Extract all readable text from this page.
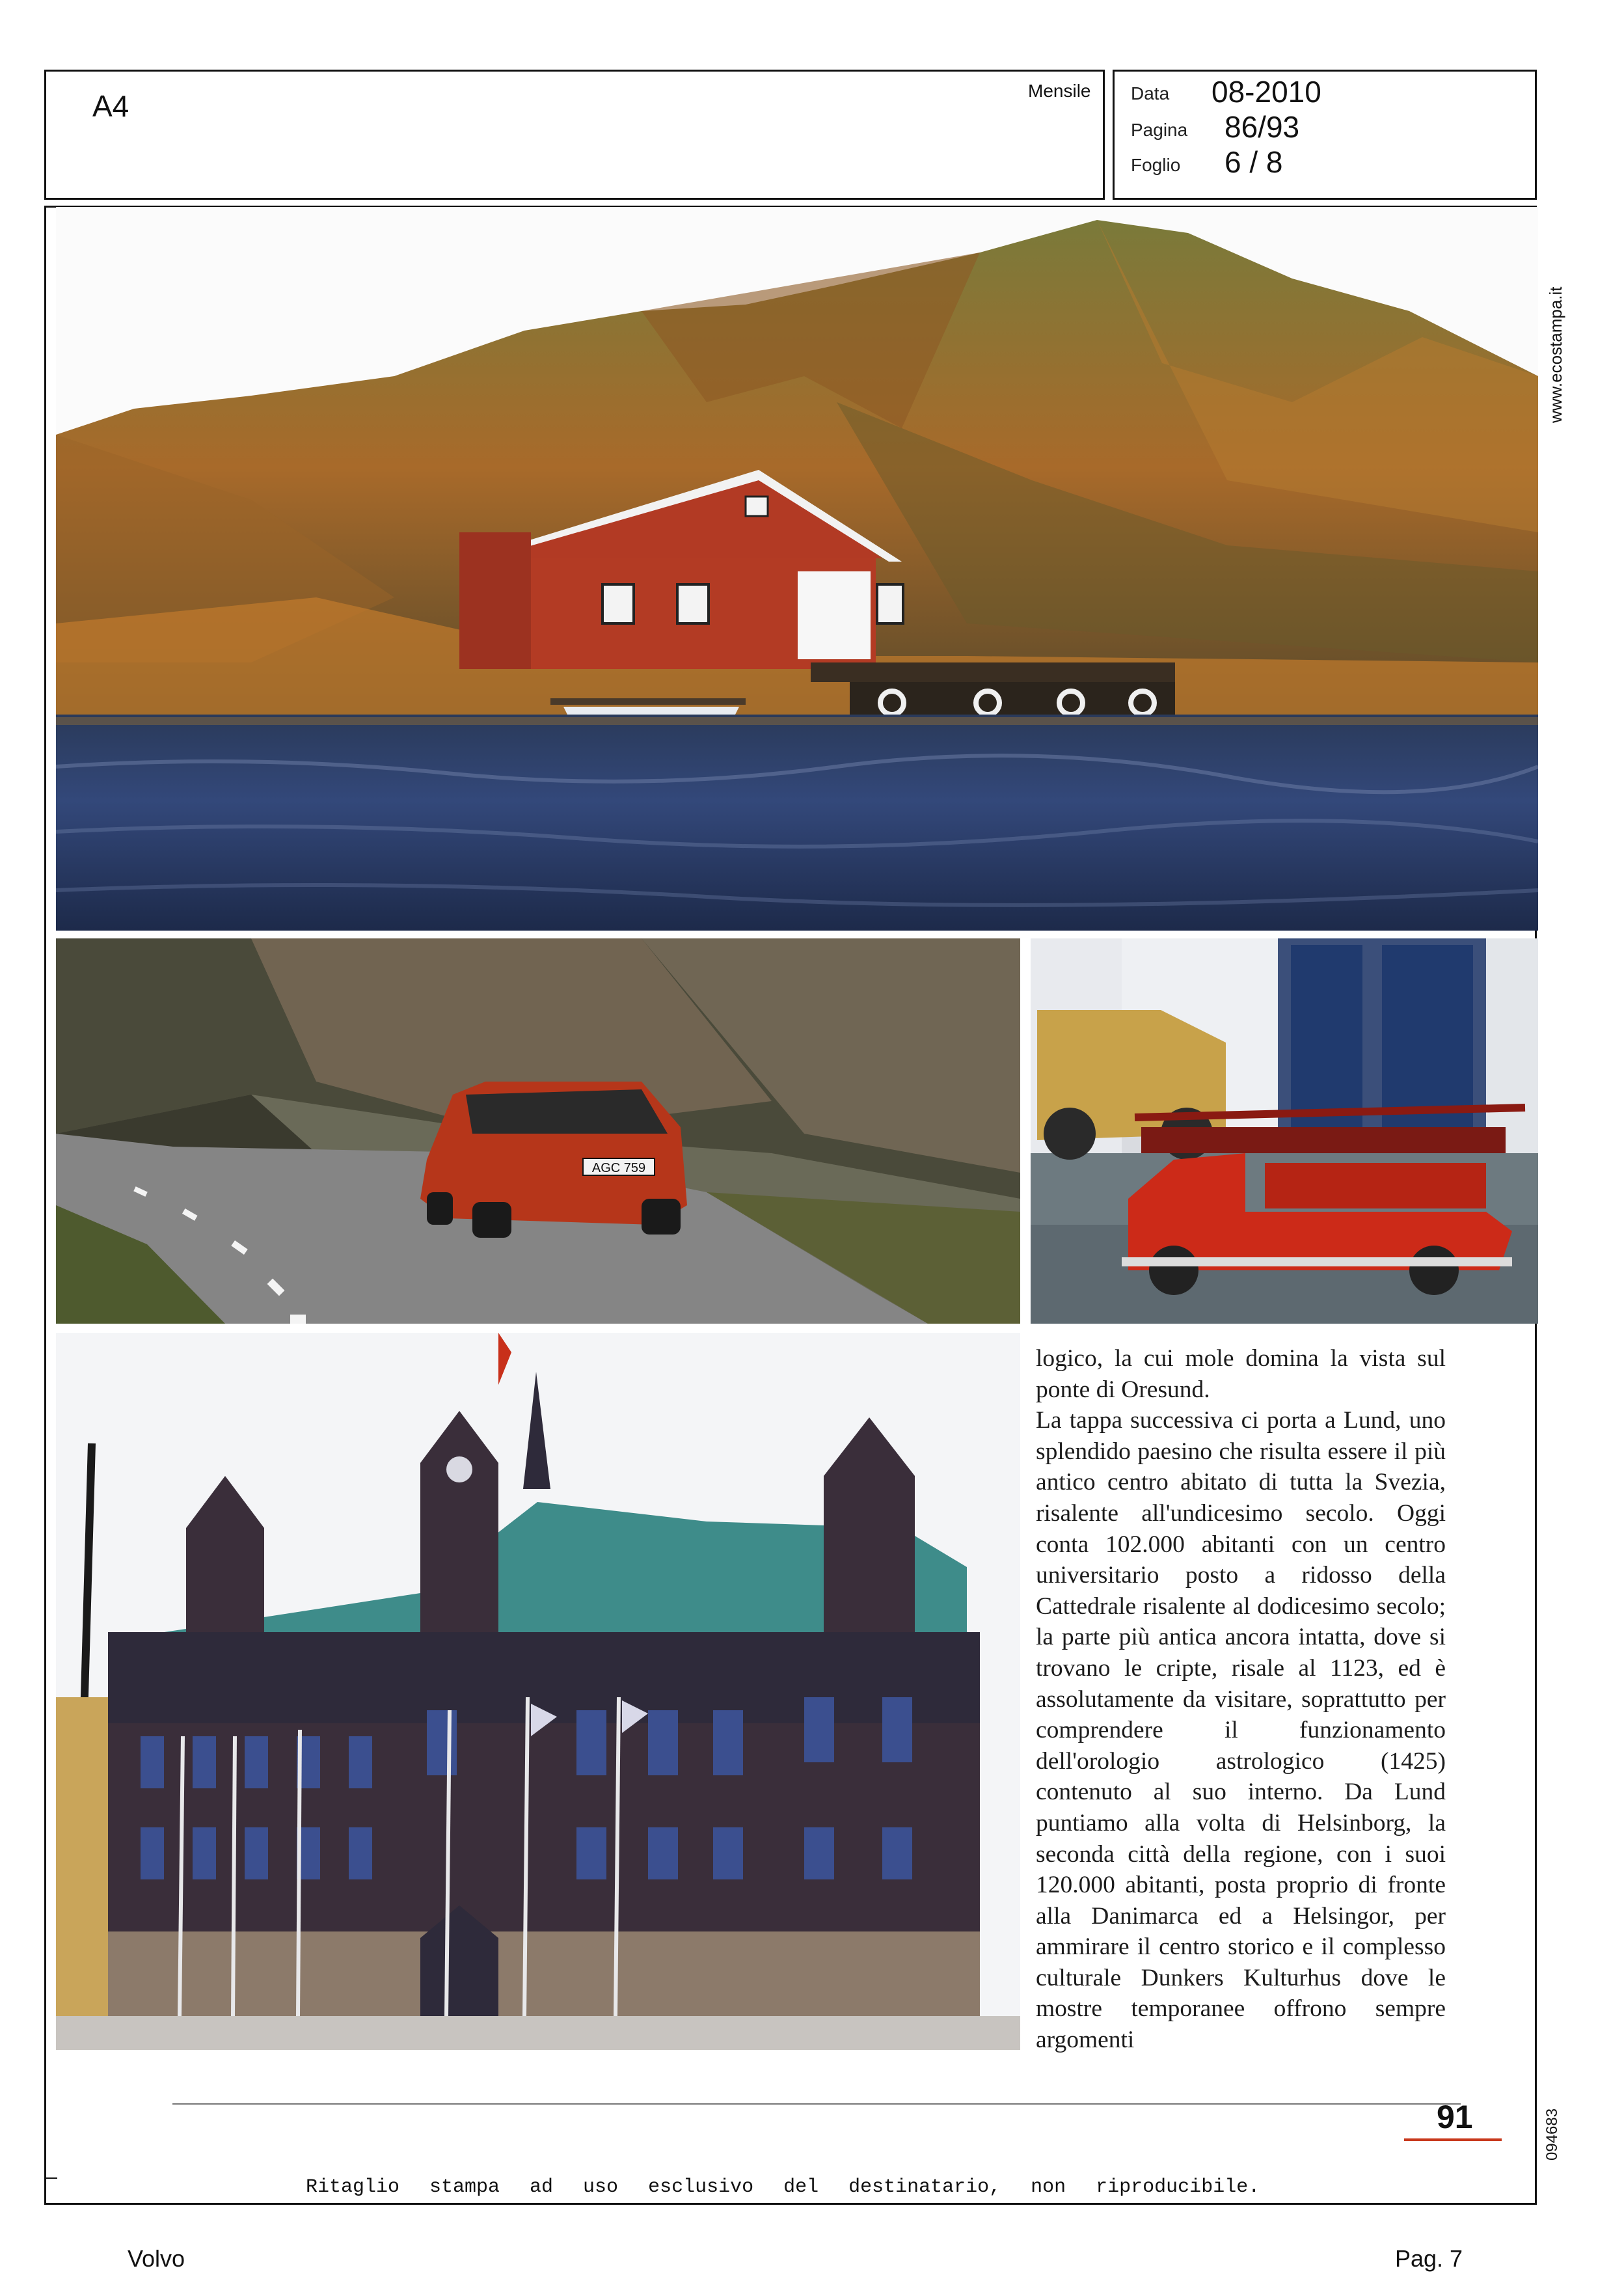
A4	Mensile Data 08-2010
Pagina 86/93
Foglio 6 / 8
AGC 759

logico, la cui mole domina la vista sul ponte di Oresund.

La tappa successiva ci porta a Lund, uno splendido paesino che risulta essere il più antico centro abitato di tutta la Svezia, risalente all'undicesimo secolo. Oggi conta 102.000 abitanti con un centro universitario posto a ridosso della Cattedrale risalente al dodicesimo secolo; la parte più antica ancora intatta, dove si trovano le cripte, risale al 1123, ed è assolutamente da visitare, soprattutto per comprendere il funzionamento dell'orologio astrologico (1425) contenuto al suo interno. Da Lund puntiamo alla volta di Helsinborg, la seconda città della regione, con i suoi 120.000 abitanti, posta proprio di fronte alla Danimarca ed a Helsingor, per ammirare il centro storico e il complesso culturale Dunkers Kulturhus dove le mostre temporanee offrono sempre argomenti

91
Ritaglio stampa ad uso esclusivo del destinatario, non riproducibile.
www.ecostampa.it
094683
Volvo	Pag. 7
